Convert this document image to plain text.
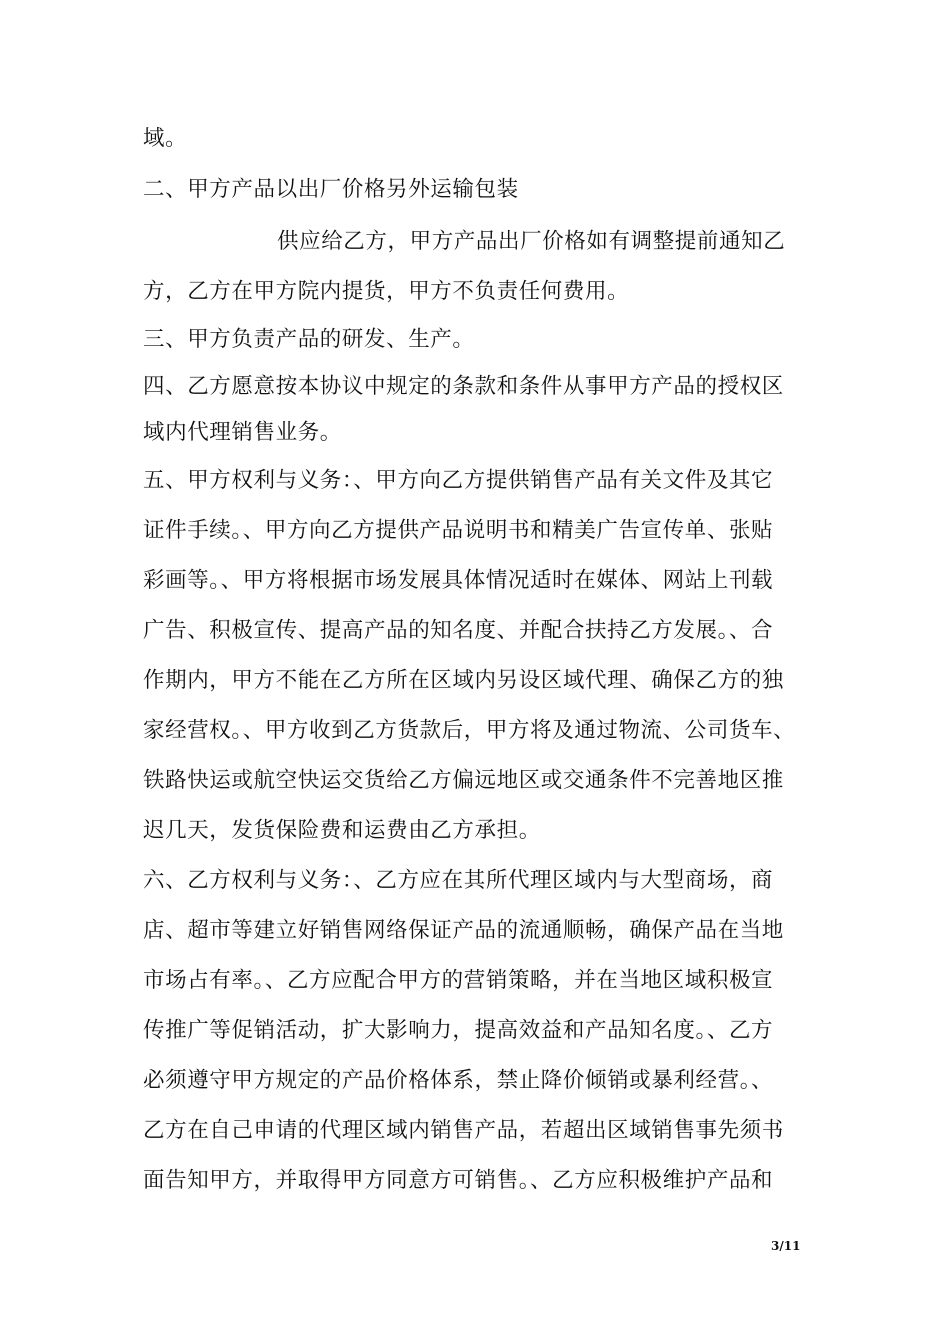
域。
二、甲方产品以出厂价格另外运输包装
供应给乙方，甲方产品出厂价格如有调整提前通知乙
方，乙方在甲方院内提货，甲方不负责任何费用。
三、甲方负责产品的研发、生产。
四、乙方愿意按本协议中规定的条款和条件从事甲方产品的授权区
域内代理销售业务。
五、甲方权利与义务：、甲方向乙方提供销售产品有关文件及其它
证件手续。、甲方向乙方提供产品说明书和精美广告宣传单、张贴
彩画等。、甲方将根据市场发展具体情况适时在媒体、网站上刊载
广告、积极宣传、提高产品的知名度、并配合扶持乙方发展。、合
作期内，甲方不能在乙方所在区域内另设区域代理、确保乙方的独
家经营权。、甲方收到乙方货款后，甲方将及通过物流、公司货车、
铁路快运或航空快运交货给乙方偏远地区或交通条件不完善地区推
迟几天，发货保险费和运费由乙方承担。
六、乙方权利与义务：、乙方应在其所代理区域内与大型商场，商
店、超市等建立好销售网络保证产品的流通顺畅，确保产品在当地
市场占有率。、乙方应配合甲方的营销策略，并在当地区域积极宣
传推广等促销活动，扩大影响力，提高效益和产品知名度。、乙方
必须遵守甲方规定的产品价格体系，禁止降价倾销或暴利经营。、
乙方在自己申请的代理区域内销售产品，若超出区域销售事先须书
面告知甲方，并取得甲方同意方可销售。、乙方应积极维护产品和
3/11
